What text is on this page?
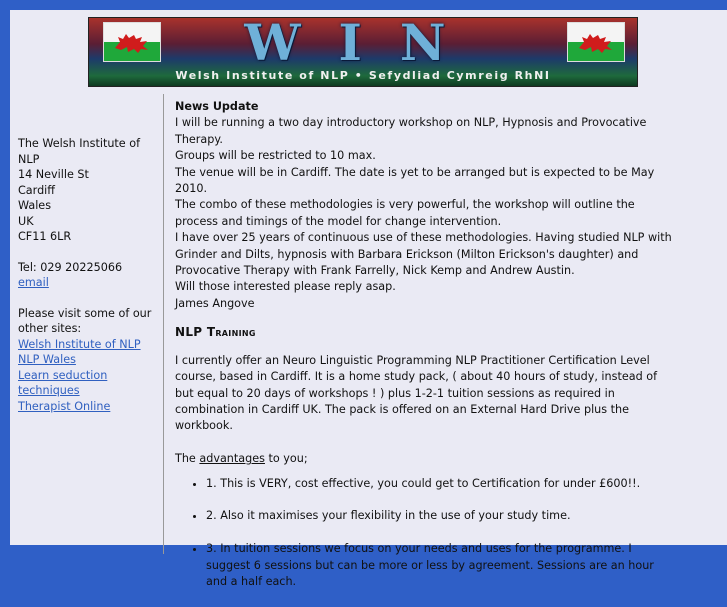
WIN
Welsh Institute of NLP • Sefydliad Cymreig RhNI
The Welsh Institute of NLP
14 Neville St
Cardiff
Wales
UK
CF11 6LR
Tel: 029 20225066
email
Please visit some of our other sites:
Welsh Institute of NLP
NLP Wales
Learn seduction techniques
Therapist Online

News Update

I will be running a two day introductory workshop on NLP, Hypnosis and Provocative Therapy.

Groups will be restricted to 10 max.

The venue will be in Cardiff. The date is yet to be arranged but is expected to be May 2010.

The combo of these methodologies is very powerful, the workshop will outline the process and timings of the model for change intervention.

I have over 25 years of continuous use of these methodologies. Having studied NLP with Grinder and Dilts, hypnosis with Barbara Erickson (Milton Erickson's daughter) and Provocative Therapy with Frank Farrelly, Nick Kemp and Andrew Austin.

Will those interested please reply asap.

James Angove

NLP Training

I currently offer an Neuro Linguistic Programming NLP Practitioner Certification Level course, based in Cardiff. It is a home study pack, ( about 40 hours of study, instead of but equal to 20 days of workshops ! ) plus 1-2-1 tuition sessions as required in combination in Cardiff UK. The pack is offered on an External Hard Drive plus the workbook.

The advantages to you;

• 1. This is VERY, cost effective, you could get to Certification for under £600!!.
• 2. Also it maximises your flexibility in the use of your study time.
• 3. In tuition sessions we focus on your needs and uses for the programme. I suggest 6 sessions but can be more or less by agreement. Sessions are an hour and a half each.
